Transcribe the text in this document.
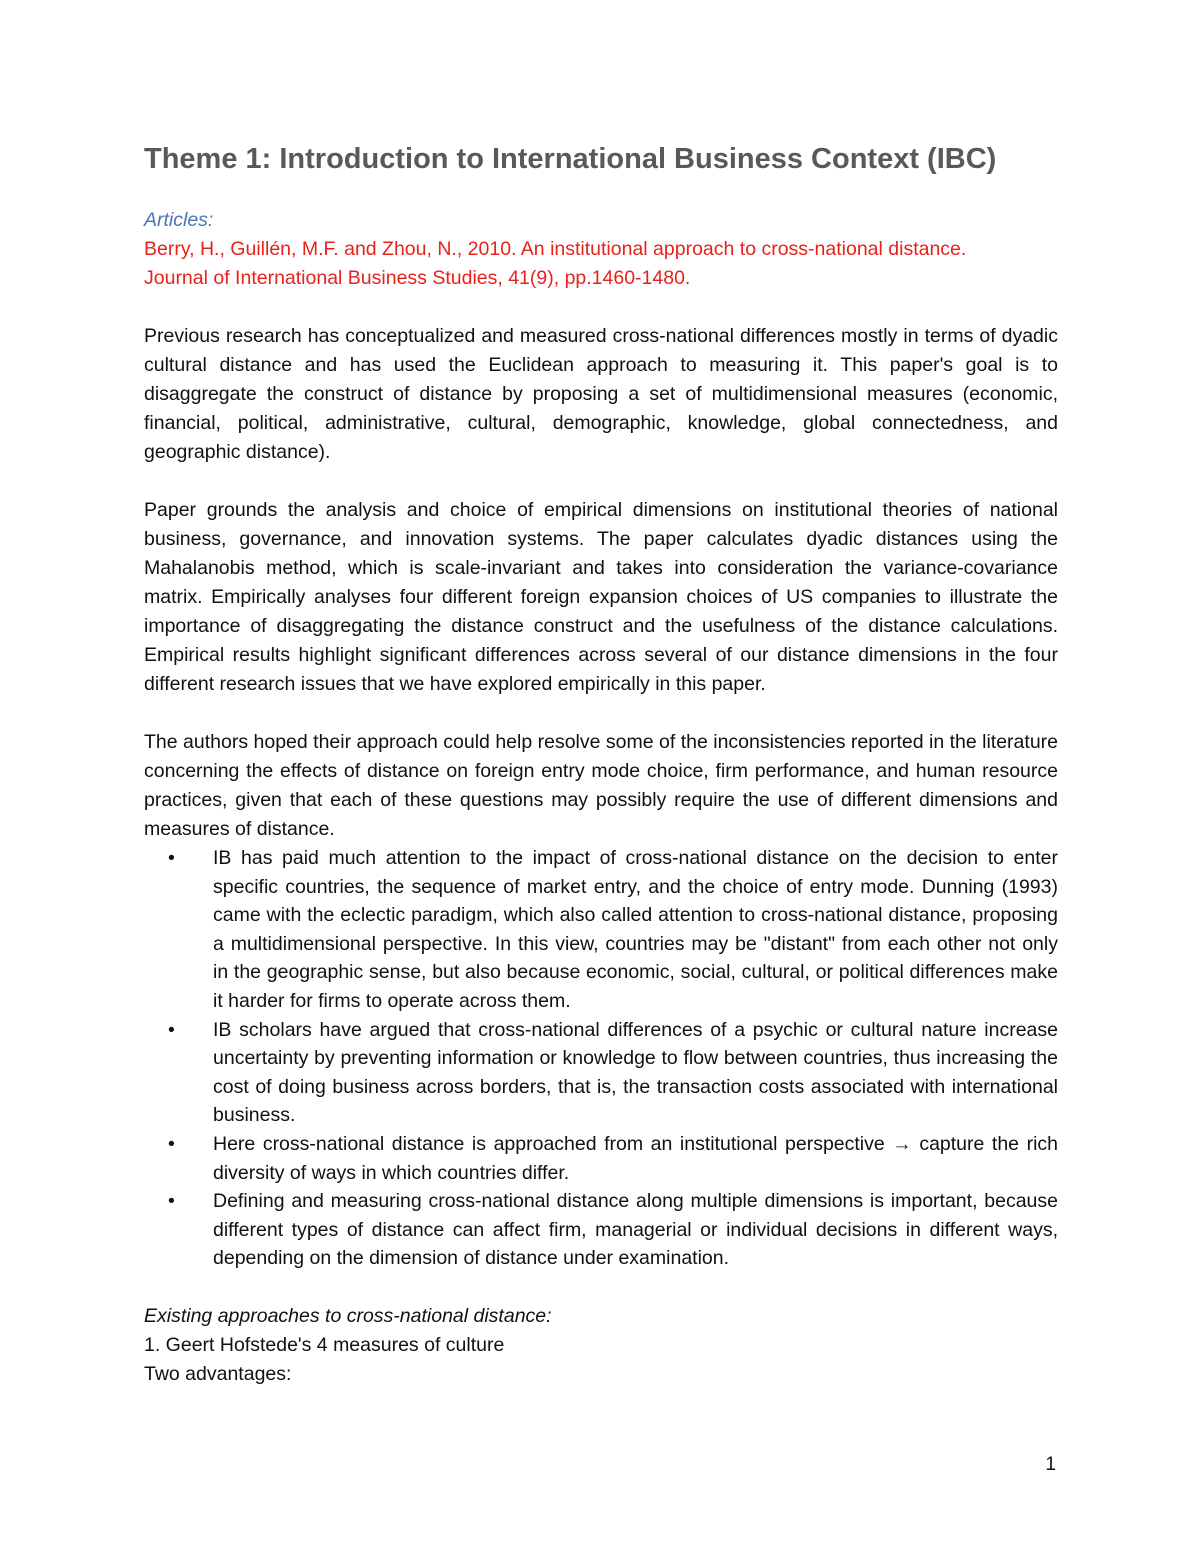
Theme 1: Introduction to International Business Context (IBC)
Articles:
Berry, H., Guillén, M.F. and Zhou, N., 2010. An institutional approach to cross-national distance.
Journal of International Business Studies, 41(9), pp.1460-1480.

Previous research has conceptualized and measured cross-national differences mostly in terms of dyadic cultural distance and has used the Euclidean approach to measuring it. This paper's goal is to disaggregate the construct of distance by proposing a set of multidimensional measures (economic, financial, political, administrative, cultural, demographic, knowledge, global connectedness, and geographic distance).

Paper grounds the analysis and choice of empirical dimensions on institutional theories of national business, governance, and innovation systems. The paper calculates dyadic distances using the Mahalanobis method, which is scale-invariant and takes into consideration the variance-covariance matrix. Empirically analyses four different foreign expansion choices of US companies to illustrate the importance of disaggregating the distance construct and the usefulness of the distance calculations. Empirical results highlight significant differences across several of our distance dimensions in the four different research issues that we have explored empirically in this paper.

The authors hoped their approach could help resolve some of the inconsistencies reported in the literature concerning the effects of distance on foreign entry mode choice, firm performance, and human resource practices, given that each of these questions may possibly require the use of different dimensions and measures of distance.

• IB has paid much attention to the impact of cross-national distance on the decision to enter specific countries, the sequence of market entry, and the choice of entry mode. Dunning (1993) came with the eclectic paradigm, which also called attention to cross-national distance, proposing a multidimensional perspective. In this view, countries may be "distant" from each other not only in the geographic sense, but also because economic, social, cultural, or political differences make it harder for firms to operate across them.
• IB scholars have argued that cross-national differences of a psychic or cultural nature increase uncertainty by preventing information or knowledge to flow between countries, thus increasing the cost of doing business across borders, that is, the transaction costs associated with international business.
• Here cross-national distance is approached from an institutional perspective → capture the rich diversity of ways in which countries differ.
• Defining and measuring cross-national distance along multiple dimensions is important, because different types of distance can affect firm, managerial or individual decisions in different ways, depending on the dimension of distance under examination.
Existing approaches to cross-national distance:
1. Geert Hofstede's 4 measures of culture
Two advantages:
1
